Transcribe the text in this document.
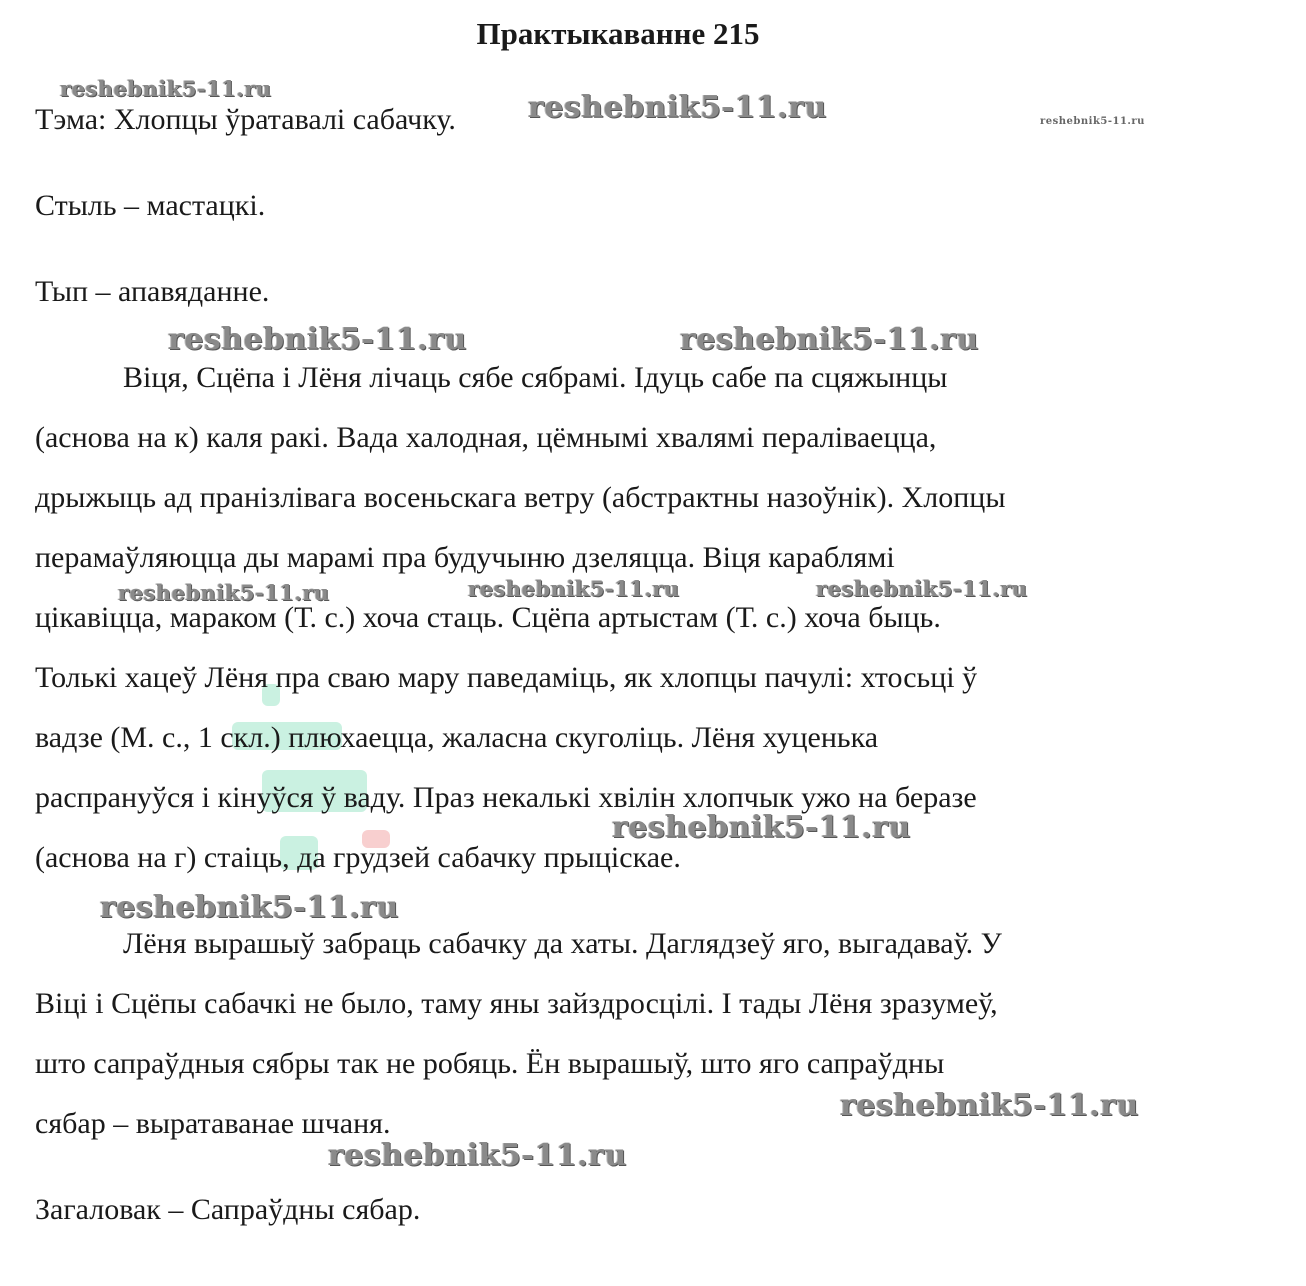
Практыкаванне 215
Тэма: Хлопцы ўратавалі сабачку.
Стыль – мастацкі.
Тып – апавяданне.
Віця, Сцёпа і Лёня лічаць сябе сябрамі. Ідуць сабе па сцяжынцы
(аснова на к) каля ракі. Вада халодная, цёмнымі хвалямі пераліваецца,
дрыжыць ад пранізлівага восеньскага ветру (абстрактны назоўнік). Хлопцы
перамаўляюцца ды марамі пра будучыню дзеляцца. Віця караблямі
цікавіцца, мараком (Т. с.) хоча стаць. Сцёпа артыстам (Т. с.) хоча быць.
Толькі хацеў Лёня пра сваю мару паведаміць, як хлопцы пачулі: хтосьці ў
вадзе (М. с., 1 скл.) плюхаецца, жаласна скуголіць. Лёня хуценька
распрануўся і кінуўся ў ваду. Праз некалькі хвілін хлопчык ужо на беразе
(аснова на г) стаіць, да грудзей сабачку прыціскае.
Лёня вырашыў забраць сабачку да хаты. Даглядзеў яго, выгадаваў. У
Віці і Сцёпы сабачкі не было, таму яны зайздросцілі. І тады Лёня зразумеў,
што сапраўдныя сябры так не робяць. Ён вырашыў, што яго сапраўдны
сябар – выратаванае шчаня.
Загаловак – Сапраўдны сябар.
reshebnik5-11.ru
reshebnik5-11.ru	reshebnik5-11.ru
reshebnik5-11.ru	reshebnik5-11.ru
reshebnik5-11.ru	reshebnik5-11.ru	reshebnik5-11.ru
reshebnik5-11.ru
reshebnik5-11.ru
reshebnik5-11.ru
reshebnik5-11.ru
